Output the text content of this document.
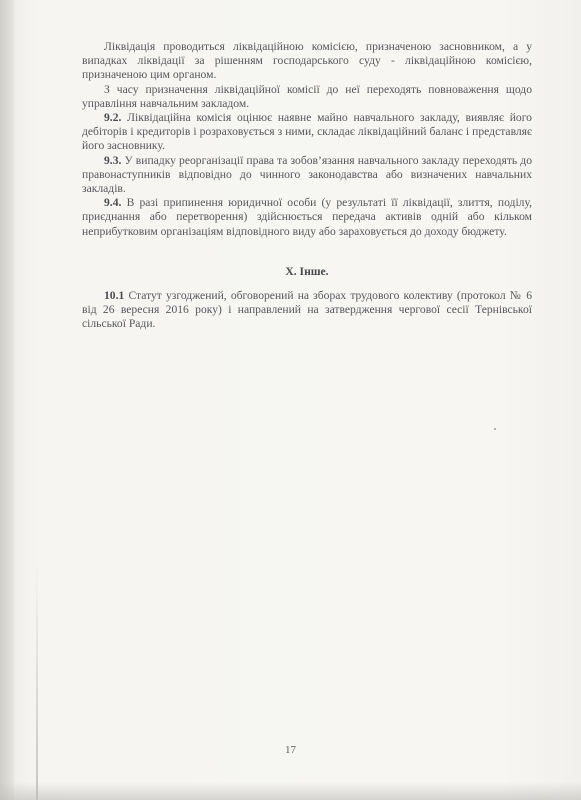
Ліквідація проводиться ліквідаційною комісією, призначеною засновником, а у випадках ліквідації за рішенням господарського суду - ліквідаційною комісією, призначеною цим органом.

З часу призначення ліквідаційної комісії до неї переходять повноваження щодо управління навчальним закладом.

9.2. Ліквідаційна комісія оцінює наявне майно навчального закладу, виявляє його дебіторів і кредиторів і розраховується з ними, складає ліквідаційний баланс і представляє його засновнику.

9.3. У випадку реорганізації права та зобов’язання навчального закладу переходять до правонаступників відповідно до чинного законодавства або визначених навчальних закладів.

9.4. В разі припинення юридичної особи (у результаті її ліквідації, злиття, поділу, приєднання або перетворення) здійснюється передача активів одній або кільком неприбутковим організаціям відповідного виду або зараховується до доходу бюджету.

X. Інше.

10.1 Статут узгоджений, обговорений на зборах трудового колективу (протокол № 6 від 26 вересня 2016 року) і направлений на затвердження чергової сесії Тернівської сільської Ради.

17
